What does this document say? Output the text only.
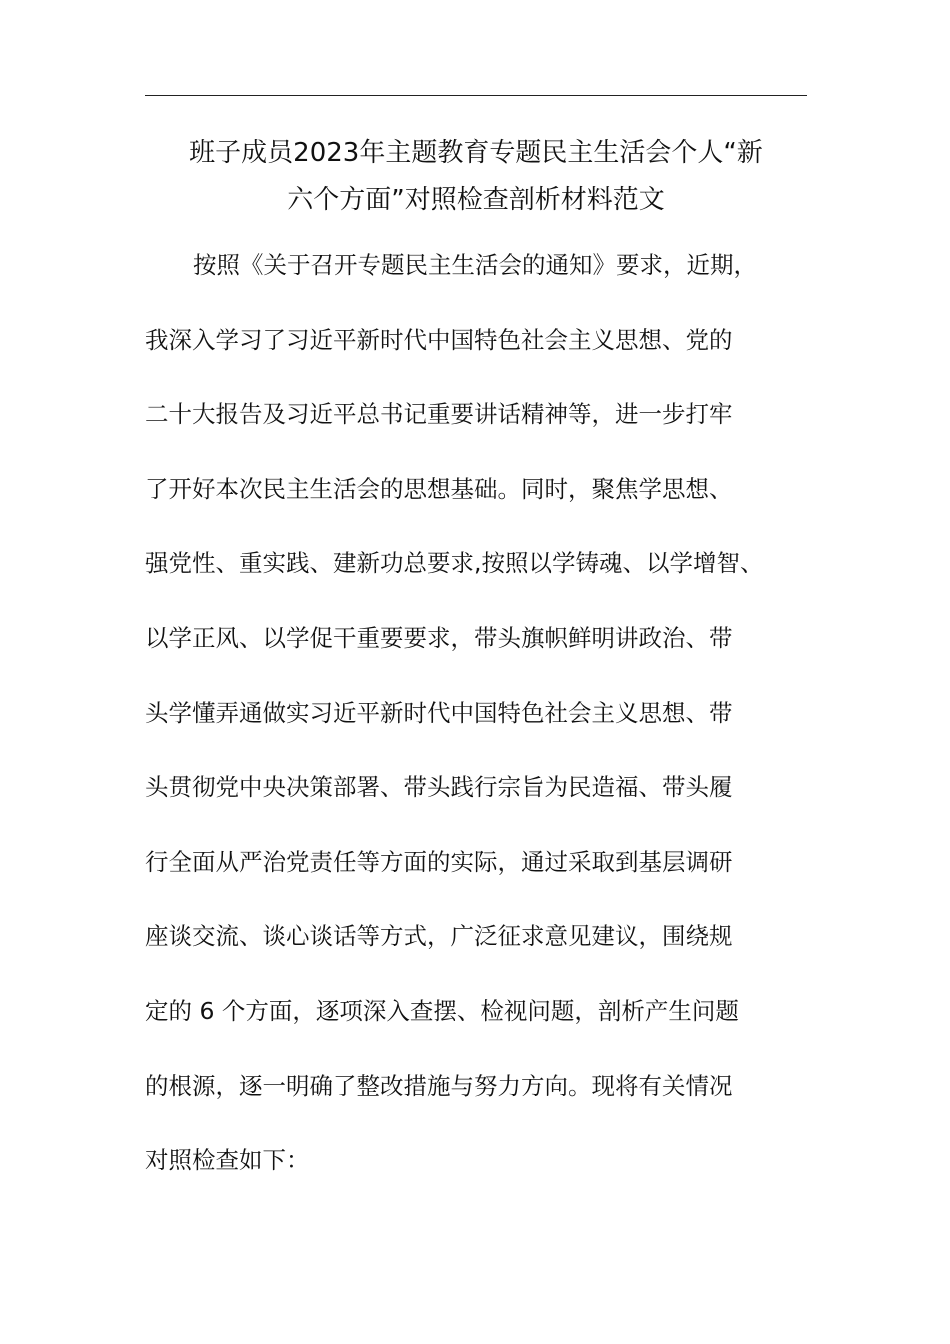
班子成员2023年主题教育专题民主生活会个人“新
六个方面”对照检查剖析材料范文
按照《关于召开专题民主生活会的通知》要求，近期，
我深入学习了习近平新时代中国特色社会主义思想、党的
二十大报告及习近平总书记重要讲话精神等，进一步打牢
了开好本次民主生活会的思想基础。同时，聚焦学思想、
强党性、重实践、建新功总要求,按照以学铸魂、以学增智、
以学正风、以学促干重要要求，带头旗帜鲜明讲政治、带
头学懂弄通做实习近平新时代中国特色社会主义思想、带
头贯彻党中央决策部署、带头践行宗旨为民造福、带头履
行全面从严治党责任等方面的实际，通过采取到基层调研
座谈交流、谈心谈话等方式，广泛征求意见建议，围绕规
定的 6 个方面，逐项深入查摆、检视问题，剖析产生问题
的根源，逐一明确了整改措施与努力方向。现将有关情况
对照检查如下：
